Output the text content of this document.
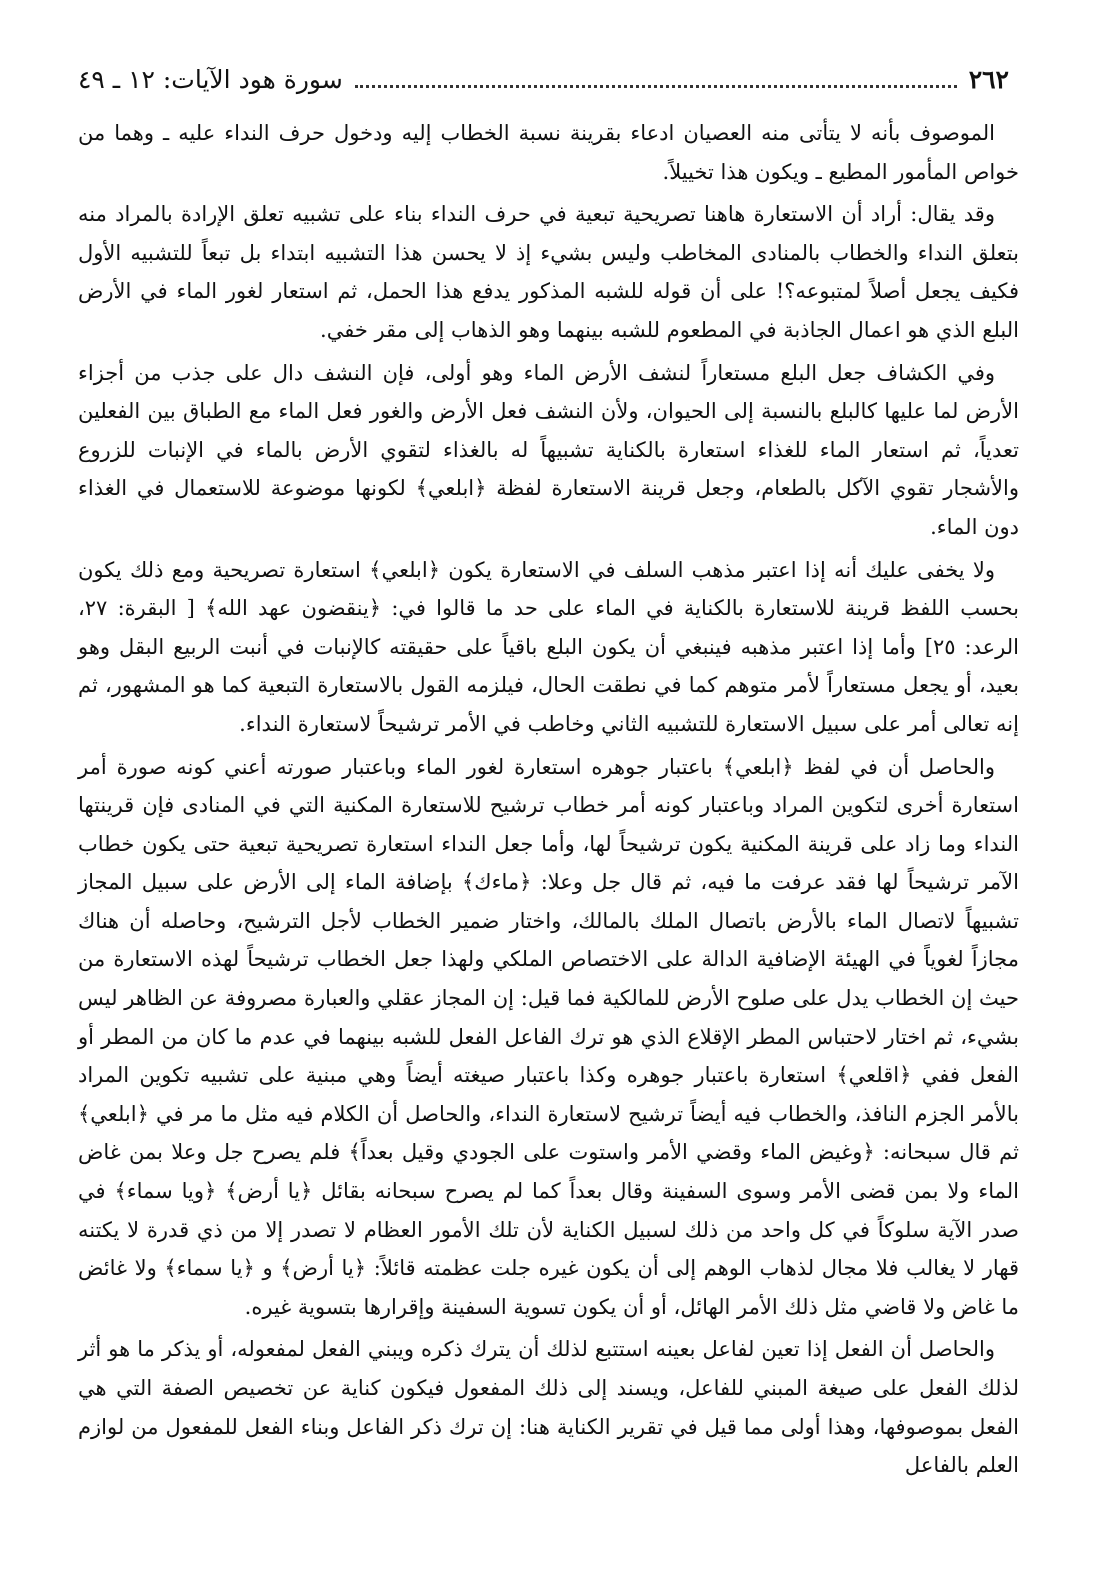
٢٦٢
سورة هود الآيات: ١٢ ـ ٤٩

الموصوف بأنه لا يتأتى منه العصيان ادعاء بقرينة نسبة الخطاب إليه ودخول حرف النداء عليه ـ وهما من خواص المأمور المطيع ـ ويكون هذا تخييلاً.

وقد يقال: أراد أن الاستعارة هاهنا تصريحية تبعية في حرف النداء بناء على تشبيه تعلق الإرادة بالمراد منه بتعلق النداء والخطاب بالمنادى المخاطب وليس بشيء إذ لا يحسن هذا التشبيه ابتداء بل تبعاً للتشبيه الأول فكيف يجعل أصلاً لمتبوعه؟! على أن قوله للشبه المذكور يدفع هذا الحمل، ثم استعار لغور الماء في الأرض البلع الذي هو اعمال الجاذبة في المطعوم للشبه بينهما وهو الذهاب إلى مقر خفي.

وفي الكشاف جعل البلع مستعاراً لنشف الأرض الماء وهو أولى، فإن النشف دال على جذب من أجزاء الأرض لما عليها كالبلع بالنسبة إلى الحيوان، ولأن النشف فعل الأرض والغور فعل الماء مع الطباق بين الفعلين تعدياً، ثم استعار الماء للغذاء استعارة بالكناية تشبيهاً له بالغذاء لتقوي الأرض بالماء في الإنبات للزروع والأشجار تقوي الآكل بالطعام، وجعل قرينة الاستعارة لفظة ﴿ابلعي﴾ لكونها موضوعة للاستعمال في الغذاء دون الماء.

ولا يخفى عليك أنه إذا اعتبر مذهب السلف في الاستعارة يكون ﴿ابلعي﴾ استعارة تصريحية ومع ذلك يكون بحسب اللفظ قرينة للاستعارة بالكناية في الماء على حد ما قالوا في: ﴿ينقضون عهد الله﴾ [ البقرة: ٢٧، الرعد: ٢٥] وأما إذا اعتبر مذهبه فينبغي أن يكون البلع باقياً على حقيقته كالإنبات في أنبت الربيع البقل وهو بعيد، أو يجعل مستعاراً لأمر متوهم كما في نطقت الحال، فيلزمه القول بالاستعارة التبعية كما هو المشهور، ثم إنه تعالى أمر على سبيل الاستعارة للتشبيه الثاني وخاطب في الأمر ترشيحاً لاستعارة النداء.

والحاصل أن في لفظ ﴿ابلعي﴾ باعتبار جوهره استعارة لغور الماء وباعتبار صورته أعني كونه صورة أمر استعارة أخرى لتكوين المراد وباعتبار كونه أمر خطاب ترشيح للاستعارة المكنية التي في المنادى فإن قرينتها النداء وما زاد على قرينة المكنية يكون ترشيحاً لها، وأما جعل النداء استعارة تصريحية تبعية حتى يكون خطاب الآمر ترشيحاً لها فقد عرفت ما فيه، ثم قال جل وعلا: ﴿ماءك﴾ بإضافة الماء إلى الأرض على سبيل المجاز تشبيهاً لاتصال الماء بالأرض باتصال الملك بالمالك، واختار ضمير الخطاب لأجل الترشيح، وحاصله أن هناك مجازاً لغوياً في الهيئة الإضافية الدالة على الاختصاص الملكي ولهذا جعل الخطاب ترشيحاً لهذه الاستعارة من حيث إن الخطاب يدل على صلوح الأرض للمالكية فما قيل: إن المجاز عقلي والعبارة مصروفة عن الظاهر ليس بشيء، ثم اختار لاحتباس المطر الإقلاع الذي هو ترك الفاعل الفعل للشبه بينهما في عدم ما كان من المطر أو الفعل ففي ﴿اقلعي﴾ استعارة باعتبار جوهره وكذا باعتبار صيغته أيضاً وهي مبنية على تشبيه تكوين المراد بالأمر الجزم النافذ، والخطاب فيه أيضاً ترشيح لاستعارة النداء، والحاصل أن الكلام فيه مثل ما مر في ﴿ابلعي﴾ ثم قال سبحانه: ﴿وغيض الماء وقضي الأمر واستوت على الجودي وقيل بعداً﴾ فلم يصرح جل وعلا بمن غاض الماء ولا بمن قضى الأمر وسوى السفينة وقال بعداً كما لم يصرح سبحانه بقائل ﴿يا أرض﴾ ﴿ويا سماء﴾ في صدر الآية سلوكاً في كل واحد من ذلك لسبيل الكناية لأن تلك الأمور العظام لا تصدر إلا من ذي قدرة لا يكتنه قهار لا يغالب فلا مجال لذهاب الوهم إلى أن يكون غيره جلت عظمته قائلاً: ﴿يا أرض﴾ و ﴿يا سماء﴾ ولا غائض ما غاض ولا قاضي مثل ذلك الأمر الهائل، أو أن يكون تسوية السفينة وإقرارها بتسوية غيره.

والحاصل أن الفعل إذا تعين لفاعل بعينه استتبع لذلك أن يترك ذكره ويبني الفعل لمفعوله، أو يذكر ما هو أثر لذلك الفعل على صيغة المبني للفاعل، ويسند إلى ذلك المفعول فيكون كناية عن تخصيص الصفة التي هي الفعل بموصوفها، وهذا أولى مما قيل في تقرير الكناية هنا: إن ترك ذكر الفاعل وبناء الفعل للمفعول من لوازم العلم بالفاعل
